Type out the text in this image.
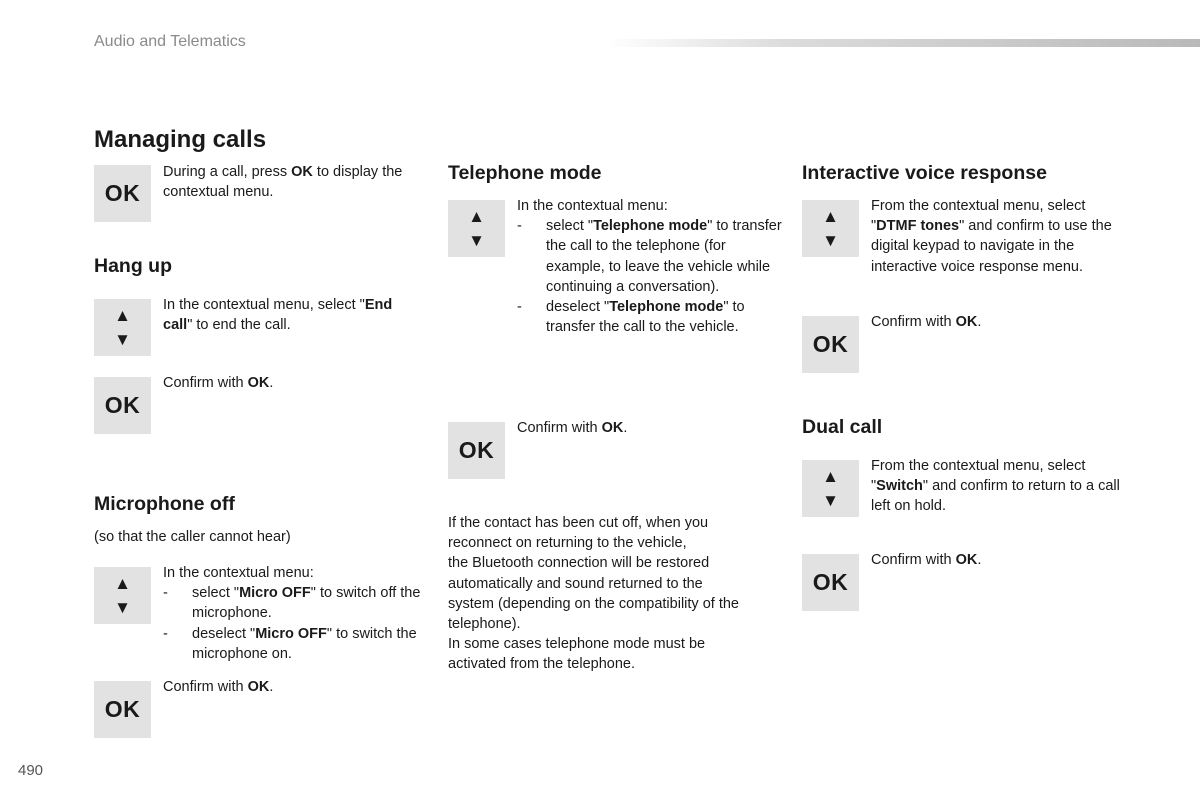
Audio and Telematics
Managing calls
OK
During a call, press OK to display the contextual menu.
Hang up
▲
▼
In the contextual menu, select "End call" to end the call.
OK
Confirm with OK.
Microphone off
(so that the caller cannot hear)
▲
▼
In the contextual menu:
- select "Micro OFF" to switch off the microphone.
- deselect "Micro OFF" to switch the microphone on.
OK
Confirm with OK.
Telephone mode
▲
▼
In the contextual menu:
- select "Telephone mode" to transfer the call to the telephone (for example, to leave the vehicle while continuing a conversation).
- deselect "Telephone mode" to transfer the call to the vehicle.
OK
Confirm with OK.
If the contact has been cut off, when you
reconnect on returning to the vehicle,
the Bluetooth connection will be restored
automatically and sound returned to the
system (depending on the compatibility of the
telephone).
In some cases telephone mode must be
activated from the telephone.
Interactive voice response
▲
▼
From the contextual menu, select "DTMF tones" and confirm to use the digital keypad to navigate in the interactive voice response menu.
OK
Confirm with OK.
Dual call
▲
▼
From the contextual menu, select "Switch" and confirm to return to a call left on hold.
OK
Confirm with OK.
490
